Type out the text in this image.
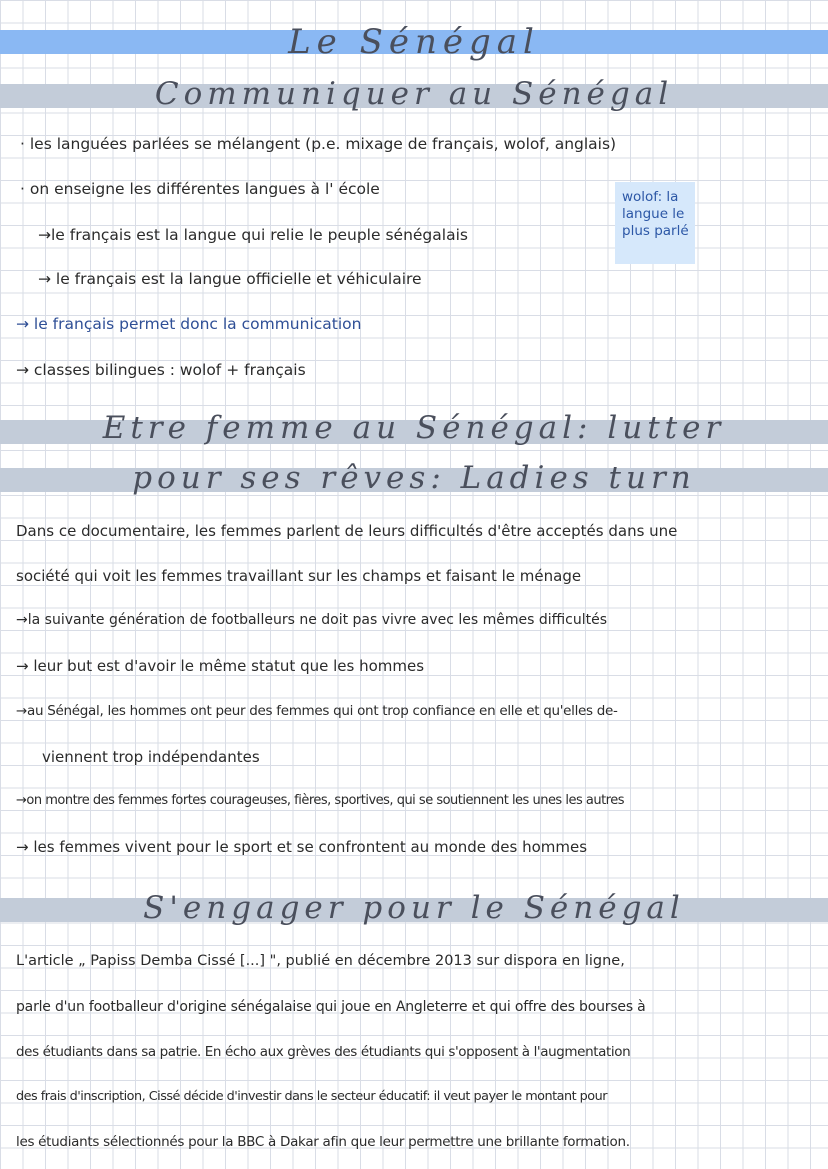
Le Sénégal
Communiquer au Sénégal
· les languées parlées se mélangent (p.e. mixage de français, wolof, anglais)
· on enseigne les différentes langues à l' école
→le français est la langue qui relie le peuple sénégalais
→ le français est la langue officielle et véhiculaire
→ le français permet donc la communication
→ classes bilingues : wolof + français
wolof: la
langue le
plus parlé
Etre femme au Sénégal: lutter
pour ses rêves: Ladies turn
Dans ce documentaire, les femmes parlent de leurs difficultés d'être acceptés dans une
société qui voit les femmes travaillant sur les champs et faisant le ménage
→la suivante génération de footballeurs ne doit pas vivre avec les mêmes difficultés
→ leur but est d'avoir le même statut que les hommes
→au Sénégal, les hommes ont peur des femmes qui ont trop confiance en elle et qu'elles de-
viennent trop indépendantes
→on montre des femmes fortes courageuses, fières, sportives, qui se soutiennent les unes les autres
→ les femmes vivent pour le sport et se confrontent au monde des hommes
S'engager pour le Sénégal
L'article „ Papiss Demba Cissé [...] ", publié en décembre 2013 sur dispora en ligne,
parle d'un footballeur d'origine sénégalaise qui joue en Angleterre et qui offre des bourses à
des étudiants dans sa patrie. En écho aux grèves des étudiants qui s'opposent à l'augmentation
des frais d'inscription, Cissé décide d'investir dans le secteur éducatif: il veut payer le montant pour
les étudiants sélectionnés pour la BBC à Dakar afin que leur permettre une brillante formation.
